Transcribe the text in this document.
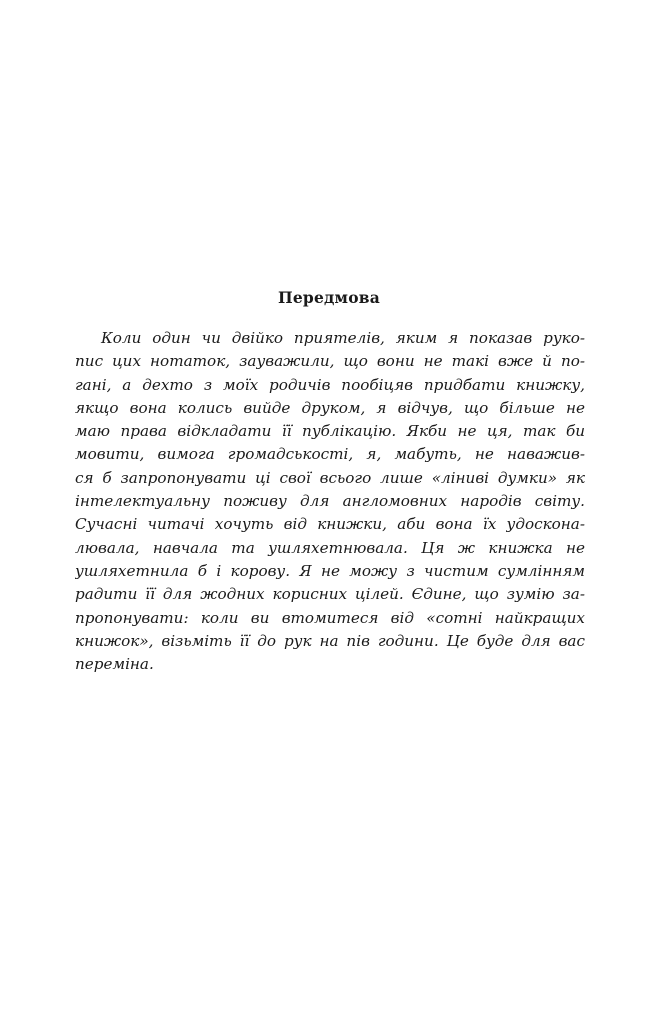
Передмова
Коли один чи двійко приятелів, яким я показав руко-
пис цих нотаток, зауважили, що вони не такі вже й по-
гані, а дехто з моїх родичів пообіцяв придбати книжку,
якщо вона колись вийде друком, я відчув, що більше не
маю права відкладати її публікацію. Якби не ця, так би
мовити, вимога громадськості, я, мабуть, не наважив-
ся б запропонувати ці свої всього лише «ліниві думки» як
інтелектуальну поживу для англомовних народів світу.
Сучасні читачі хочуть від книжки, аби вона їх удоскона-
лювала, навчала та ушляхетнювала. Ця ж книжка не
ушляхетнила б і корову. Я не можу з чистим сумлінням
радити її для жодних корисних цілей. Єдине, що зумію за-
пропонувати: коли ви втомитеся від «сотні найкращих
книжок», візьміть її до рук на пів години. Це буде для вас
переміна.
